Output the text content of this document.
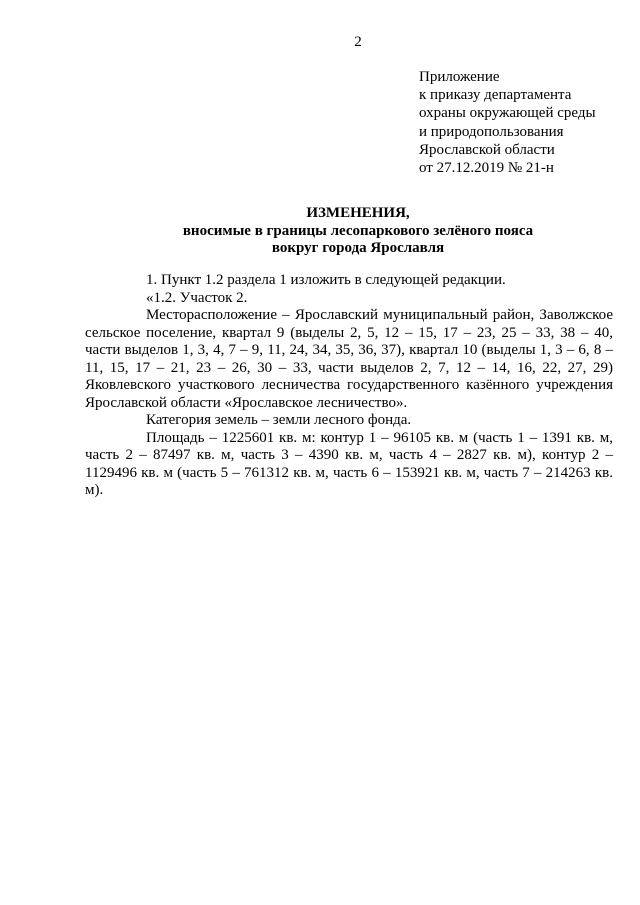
2
Приложение
к приказу департамента
охраны окружающей среды
и природопользования
Ярославской области
от 27.12.2019 № 21-н
ИЗМЕНЕНИЯ,
вносимые в границы лесопаркового зелёного пояса
вокруг города Ярославля

1. Пункт 1.2 раздела 1 изложить в следующей редакции.

«1.2. Участок 2.

Месторасположение – Ярославский муниципальный район, Заволжское сельское поселение, квартал 9 (выделы 2, 5, 12 – 15, 17 – 23, 25 – 33, 38 – 40, части выделов 1, 3, 4, 7 – 9, 11, 24, 34, 35, 36, 37), квартал 10 (выделы 1, 3 – 6, 8 – 11, 15, 17 – 21, 23 – 26, 30 – 33, части выделов 2, 7, 12 – 14, 16, 22, 27, 29) Яковлевского участкового лесничества государственного казённого учреждения Ярославской области «Ярославское лесничество».

Категория земель – земли лесного фонда.

Площадь – 1225601 кв. м: контур 1 – 96105 кв. м (часть 1 – 1391 кв. м, часть 2 – 87497 кв. м, часть 3 – 4390 кв. м, часть 4 – 2827 кв. м), контур 2 – 1129496 кв. м (часть 5 – 761312 кв. м, часть 6 – 153921 кв. м, часть 7 – 214263 кв. м).
